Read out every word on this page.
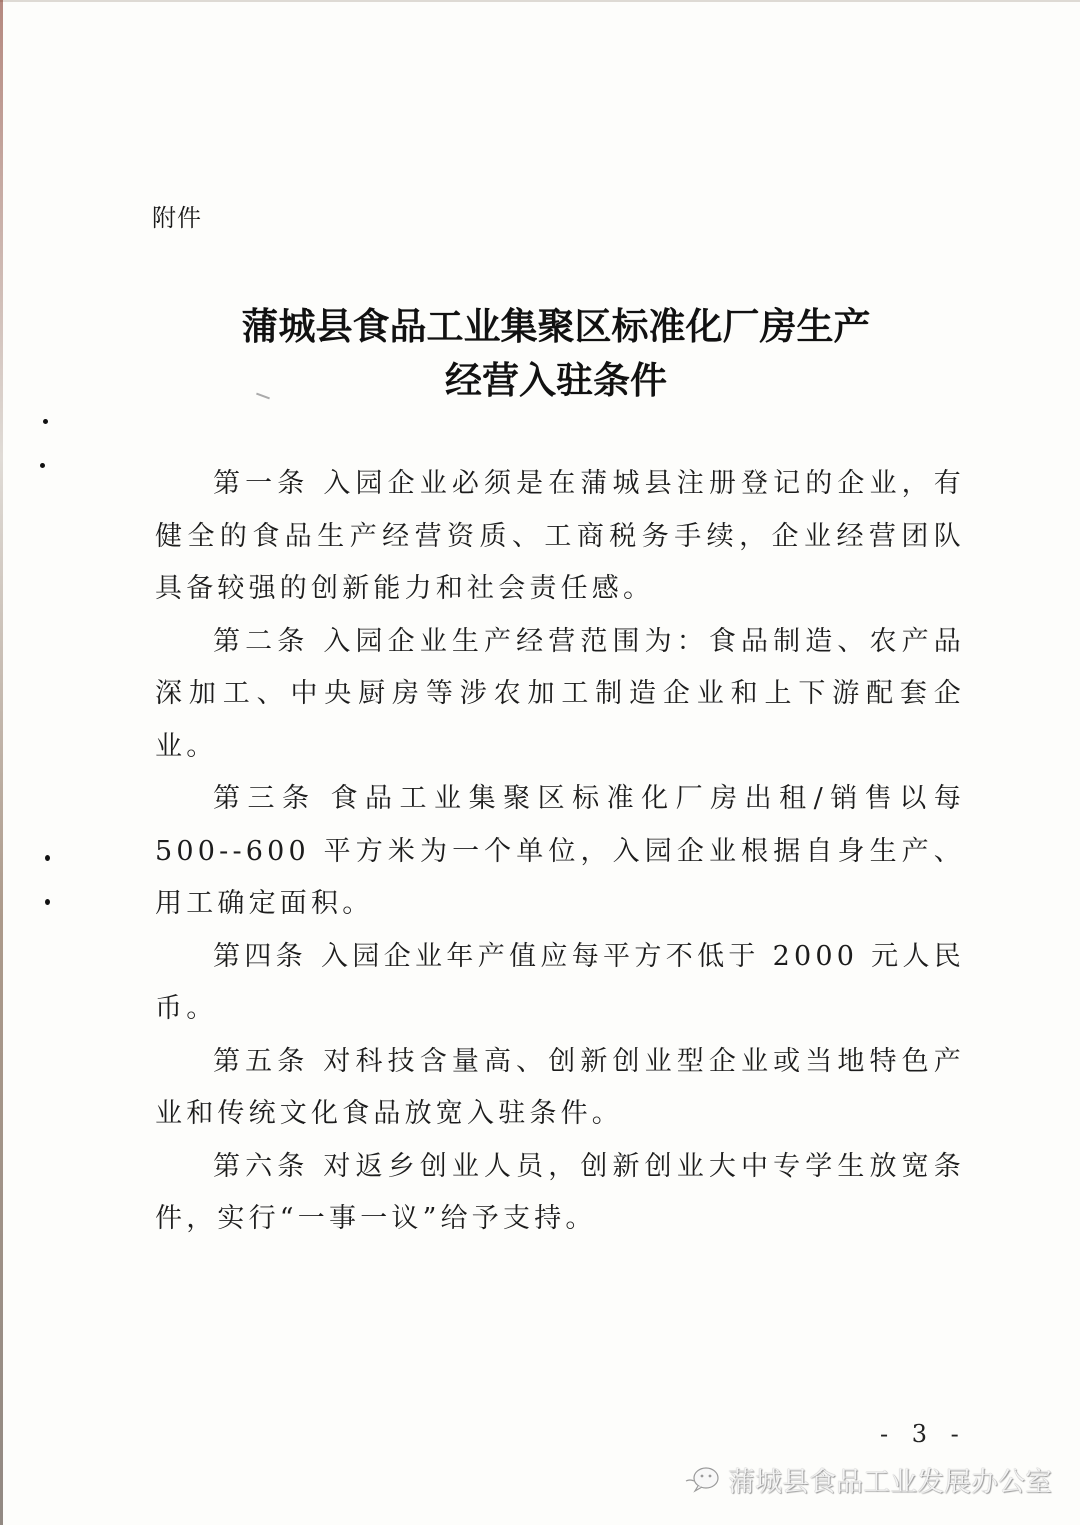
附件
蒲城县食品工业集聚区标准化厂房生产
经营入驻条件

第一条 入园企业必须是在蒲城县注册登记的企业，有健全的食品生产经营资质、工商税务手续，企业经营团队具备较强的创新能力和社会责任感。

第二条 入园企业生产经营范围为：食品制造、农产品深加工、中央厨房等涉农加工制造企业和上下游配套企业。

第三条 食品工业集聚区标准化厂房出租/销售以每 500--600 平方米为一个单位，入园企业根据自身生产、用工确定面积。

第四条 入园企业年产值应每平方不低于 2000 元人民币。

第五条 对科技含量高、创新创业型企业或当地特色产业和传统文化食品放宽入驻条件。

第六条 对返乡创业人员，创新创业大中专学生放宽条件，实行“一事一议”给予支持。

- 3 -
蒲城县食品工业发展办公室
